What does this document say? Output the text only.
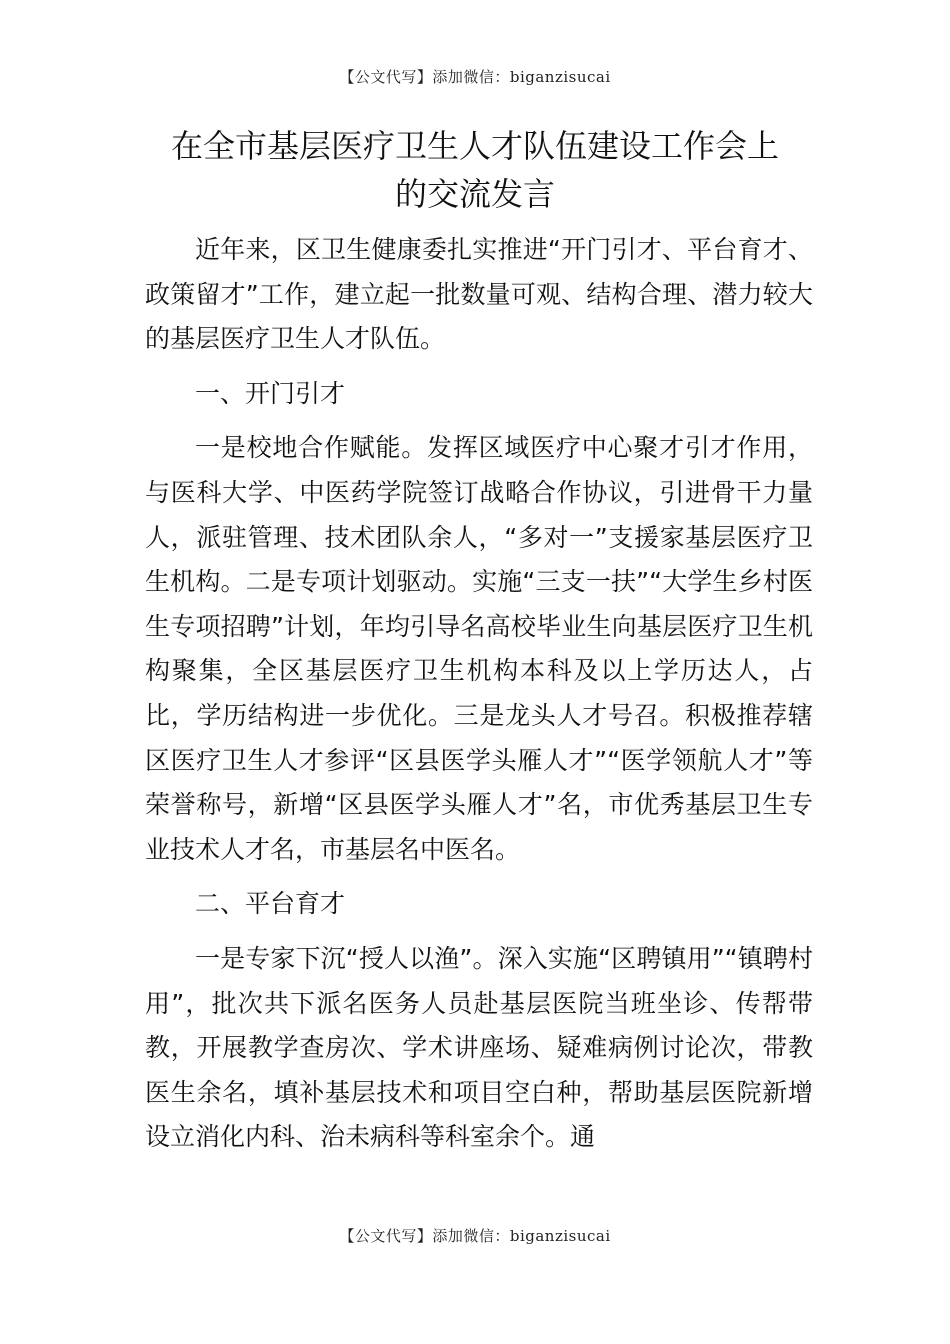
【公文代写】添加微信：biganzisucai
在全市基层医疗卫生人才队伍建设工作会上
的交流发言

近年来，区卫生健康委扎实推进“开门引才、平台育才、政策留才”工作，建立起一批数量可观、结构合理、潜力较大的基层医疗卫生人才队伍。

一、开门引才

一是校地合作赋能。发挥区域医疗中心聚才引才作用，与医科大学、中医药学院签订战略合作协议，引进骨干力量人，派驻管理、技术团队余人，“多对一”支援家基层医疗卫生机构。二是专项计划驱动。实施“三支一扶”“大学生乡村医生专项招聘”计划，年均引导名高校毕业生向基层医疗卫生机构聚集，全区基层医疗卫生机构本科及以上学历达人，占比，学历结构进一步优化。三是龙头人才号召。积极推荐辖区医疗卫生人才参评“区县医学头雁人才”“医学领航人才”等荣誉称号，新增“区县医学头雁人才”名，市优秀基层卫生专业技术人才名，市基层名中医名。

二、平台育才

一是专家下沉“授人以渔”。深入实施“区聘镇用”“镇聘村用”，批次共下派名医务人员赴基层医院当班坐诊、传帮带教，开展教学查房次、学术讲座场、疑难病例讨论次，带教医生余名，填补基层技术和项目空白种，帮助基层医院新增设立消化内科、治未病科等科室余个。通

【公文代写】添加微信：biganzisucai
